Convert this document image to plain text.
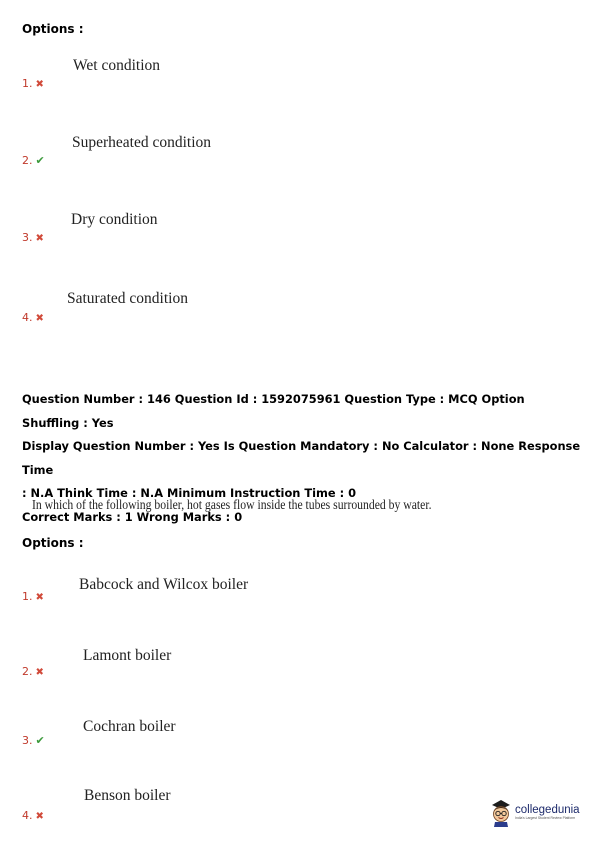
Options :
Wet condition
1. ✖
Superheated condition
2. ✔
Dry condition
3. ✖
Saturated condition
4. ✖
Question Number : 146 Question Id : 1592075961 Question Type : MCQ Option Shuffling : Yes
Display Question Number : Yes Is Question Mandatory : No Calculator : None Response Time
: N.A Think Time : N.A Minimum Instruction Time : 0
Correct Marks : 1 Wrong Marks : 0
In which of the following boiler, hot gases flow inside the tubes surrounded by water.
Options :
Babcock and Wilcox boiler
1. ✖
Lamont boiler
2. ✖
Cochran boiler
3. ✔
Benson boiler
4. ✖
collegedunia
India's Largest Student Review Platform
